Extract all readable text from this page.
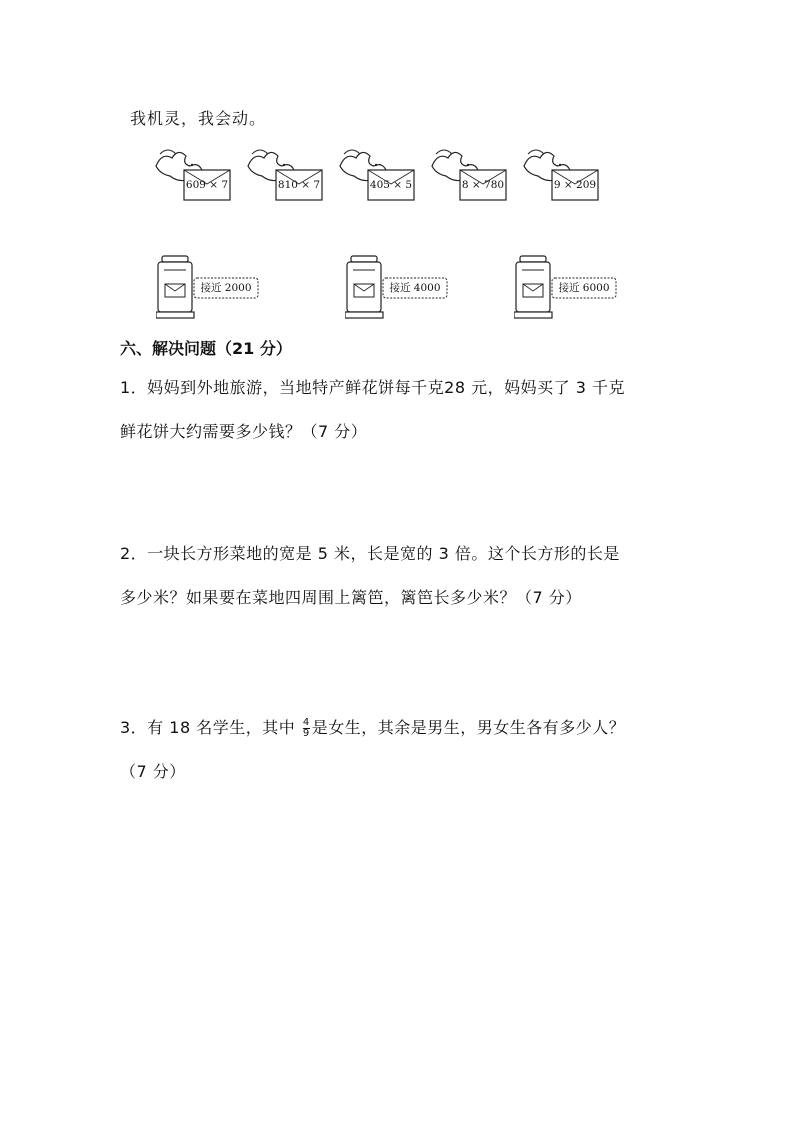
我机灵，我会动。
609 × 7	810 × 7	405 × 5	8 × 780	9 × 209
接近 2000	接近 4000	接近 6000
六、解决问题（21 分）
1．妈妈到外地旅游，当地特产鲜花饼每千克28 元，妈妈买了 3 千克
鲜花饼大约需要多少钱？（7 分）
2．一块长方形菜地的宽是 5 米，长是宽的 3 倍。这个长方形的长是
多少米？如果要在菜地四周围上篱笆，篱笆长多少米？（7 分）
3．有 18 名学生，其中 $\frac{4}{9}$ 是女生，其余是男生，男女生各有多少人？
（7 分）
